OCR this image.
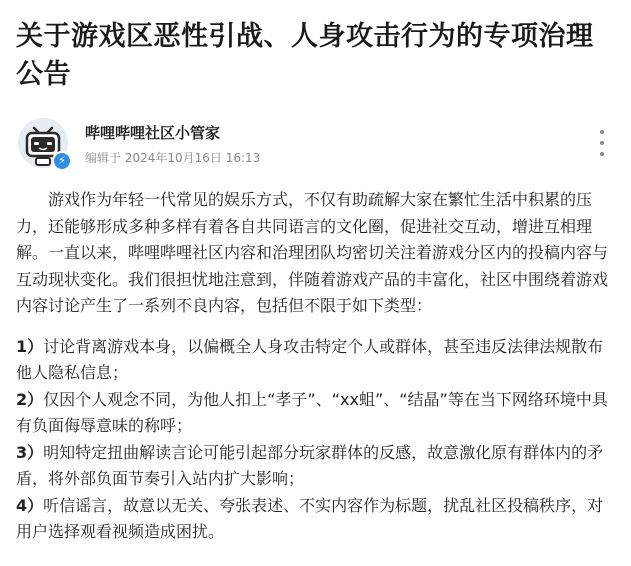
关于游戏区恶性引战、人身攻击行为的专项治理公告
⚡
哔哩哔哩社区小管家
编辑于 2024年10月16日 16:13

游戏作为年轻一代常见的娱乐方式，不仅有助疏解大家在繁忙生活中积累的压力，还能够形成多种多样有着各自共同语言的文化圈，促进社交互动，增进互相理解。一直以来，哔哩哔哩社区内容和治理团队均密切关注着游戏分区内的投稿内容与互动现状变化。我们很担忧地注意到，伴随着游戏产品的丰富化，社区中围绕着游戏内容讨论产生了一系列不良内容，包括但不限于如下类型：

1）讨论背离游戏本身，以偏概全人身攻击特定个人或群体，甚至违反法律法规散布他人隐私信息；

2）仅因个人观念不同，为他人扣上“孝子”、“xx蛆”、“结晶”等在当下网络环境中具有负面侮辱意味的称呼；

3）明知特定扭曲解读言论可能引起部分玩家群体的反感，故意激化原有群体内的矛盾，将外部负面节奏引入站内扩大影响；

4）听信谣言，故意以无关、夸张表述、不实内容作为标题，扰乱社区投稿秩序，对用户选择观看视频造成困扰。
